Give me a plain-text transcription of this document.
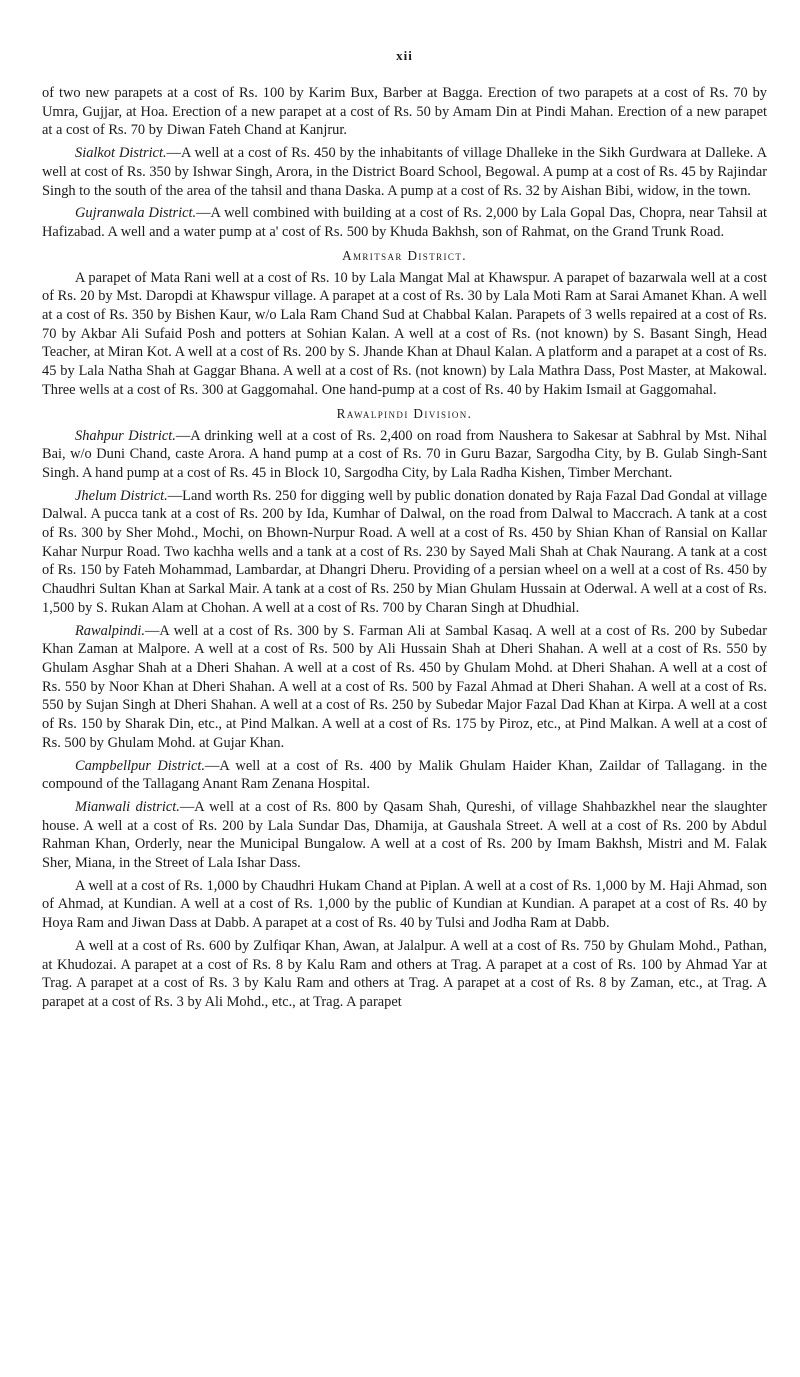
xii

of two new parapets at a cost of Rs. 100 by Karim Bux, Barber at Bagga. Erection of two parapets at a cost of Rs. 70 by Umra, Gujjar, at Hoa. Erection of a new parapet at a cost of Rs. 50 by Amam Din at Pindi Mahan. Erection of a new parapet at a cost of Rs. 70 by Diwan Fateh Chand at Kanjrur.

Sialkot District.—A well at a cost of Rs. 450 by the inhabitants of village Dhalleke in the Sikh Gurdwara at Dalleke. A well at cost of Rs. 350 by Ishwar Singh, Arora, in the District Board School, Begowal. A pump at a cost of Rs. 45 by Rajindar Singh to the south of the area of the tahsil and thana Daska. A pump at a cost of Rs. 32 by Aishan Bibi, widow, in the town.

Gujranwala District.—A well combined with building at a cost of Rs. 2,000 by Lala Gopal Das, Chopra, near Tahsil at Hafizabad. A well and a water pump at a' cost of Rs. 500 by Khuda Bakhsh, son of Rahmat, on the Grand Trunk Road.

Amritsar District.

A parapet of Mata Rani well at a cost of Rs. 10 by Lala Mangat Mal at Khawspur. A parapet of bazarwala well at a cost of Rs. 20 by Mst. Daropdi at Khawspur village. A parapet at a cost of Rs. 30 by Lala Moti Ram at Sarai Amanet Khan. A well at a cost of Rs. 350 by Bishen Kaur, w/o Lala Ram Chand Sud at Chabbal Kalan. Parapets of 3 wells repaired at a cost of Rs. 70 by Akbar Ali Sufaid Posh and potters at Sohian Kalan. A well at a cost of Rs. (not known) by S. Basant Singh, Head Teacher, at Miran Kot. A well at a cost of Rs. 200 by S. Jhande Khan at Dhaul Kalan. A platform and a parapet at a cost of Rs. 45 by Lala Natha Shah at Gaggar Bhana. A well at a cost of Rs. (not known) by Lala Mathra Dass, Post Master, at Makowal. Three wells at a cost of Rs. 300 at Gaggomahal. One hand-pump at a cost of Rs. 40 by Hakim Ismail at Gaggomahal.

Rawalpindi Division.

Shahpur District.—A drinking well at a cost of Rs. 2,400 on road from Naushera to Sakesar at Sabhral by Mst. Nihal Bai, w/o Duni Chand, caste Arora. A hand pump at a cost of Rs. 70 in Guru Bazar, Sargodha City, by B. Gulab Singh-Sant Singh. A hand pump at a cost of Rs. 45 in Block 10, Sargodha City, by Lala Radha Kishen, Timber Merchant.

Jhelum District.—Land worth Rs. 250 for digging well by public donation donated by Raja Fazal Dad Gondal at village Dalwal. A pucca tank at a cost of Rs. 200 by Ida, Kumhar of Dalwal, on the road from Dalwal to Maccrach. A tank at a cost of Rs. 300 by Sher Mohd., Mochi, on Bhown-Nurpur Road. A well at a cost of Rs. 450 by Shian Khan of Ransial on Kallar Kahar Nurpur Road. Two kachha wells and a tank at a cost of Rs. 230 by Sayed Mali Shah at Chak Naurang. A tank at a cost of Rs. 150 by Fateh Mohammad, Lambardar, at Dhangri Dheru. Providing of a persian wheel on a well at a cost of Rs. 450 by Chaudhri Sultan Khan at Sarkal Mair. A tank at a cost of Rs. 250 by Mian Ghulam Hussain at Oderwal. A well at a cost of Rs. 1,500 by S. Rukan Alam at Chohan. A well at a cost of Rs. 700 by Charan Singh at Dhudhial.

Rawalpindi.—A well at a cost of Rs. 300 by S. Farman Ali at Sambal Kasaq. A well at a cost of Rs. 200 by Subedar Khan Zaman at Malpore. A well at a cost of Rs. 500 by Ali Hussain Shah at Dheri Shahan. A well at a cost of Rs. 550 by Ghulam Asghar Shah at a Dheri Shahan. A well at a cost of Rs. 450 by Ghulam Mohd. at Dheri Shahan. A well at a cost of Rs. 550 by Noor Khan at Dheri Shahan. A well at a cost of Rs. 500 by Fazal Ahmad at Dheri Shahan. A well at a cost of Rs. 550 by Sujan Singh at Dheri Shahan. A well at a cost of Rs. 250 by Subedar Major Fazal Dad Khan at Kirpa. A well at a cost of Rs. 150 by Sharak Din, etc., at Pind Malkan. A well at a cost of Rs. 175 by Piroz, etc., at Pind Malkan. A well at a cost of Rs. 500 by Ghulam Mohd. at Gujar Khan.

Campbellpur District.—A well at a cost of Rs. 400 by Malik Ghulam Haider Khan, Zaildar of Tallagang. in the compound of the Tallagang Anant Ram Zenana Hospital.

Mianwali district.—A well at a cost of Rs. 800 by Qasam Shah, Qureshi, of village Shahbazkhel near the slaughter house. A well at a cost of Rs. 200 by Lala Sundar Das, Dhamija, at Gaushala Street. A well at a cost of Rs. 200 by Abdul Rahman Khan, Orderly, near the Municipal Bungalow. A well at a cost of Rs. 200 by Imam Bakhsh, Mistri and M. Falak Sher, Miana, in the Street of Lala Ishar Dass.

A well at a cost of Rs. 1,000 by Chaudhri Hukam Chand at Piplan. A well at a cost of Rs. 1,000 by M. Haji Ahmad, son of Ahmad, at Kundian. A well at a cost of Rs. 1,000 by the public of Kundian at Kundian. A parapet at a cost of Rs. 40 by Hoya Ram and Jiwan Dass at Dabb. A parapet at a cost of Rs. 40 by Tulsi and Jodha Ram at Dabb.

A well at a cost of Rs. 600 by Zulfiqar Khan, Awan, at Jalalpur. A well at a cost of Rs. 750 by Ghulam Mohd., Pathan, at Khudozai. A parapet at a cost of Rs. 8 by Kalu Ram and others at Trag. A parapet at a cost of Rs. 100 by Ahmad Yar at Trag. A parapet at a cost of Rs. 3 by Kalu Ram and others at Trag. A parapet at a cost of Rs. 8 by Zaman, etc., at Trag. A parapet at a cost of Rs. 3 by Ali Mohd., etc., at Trag. A parapet
